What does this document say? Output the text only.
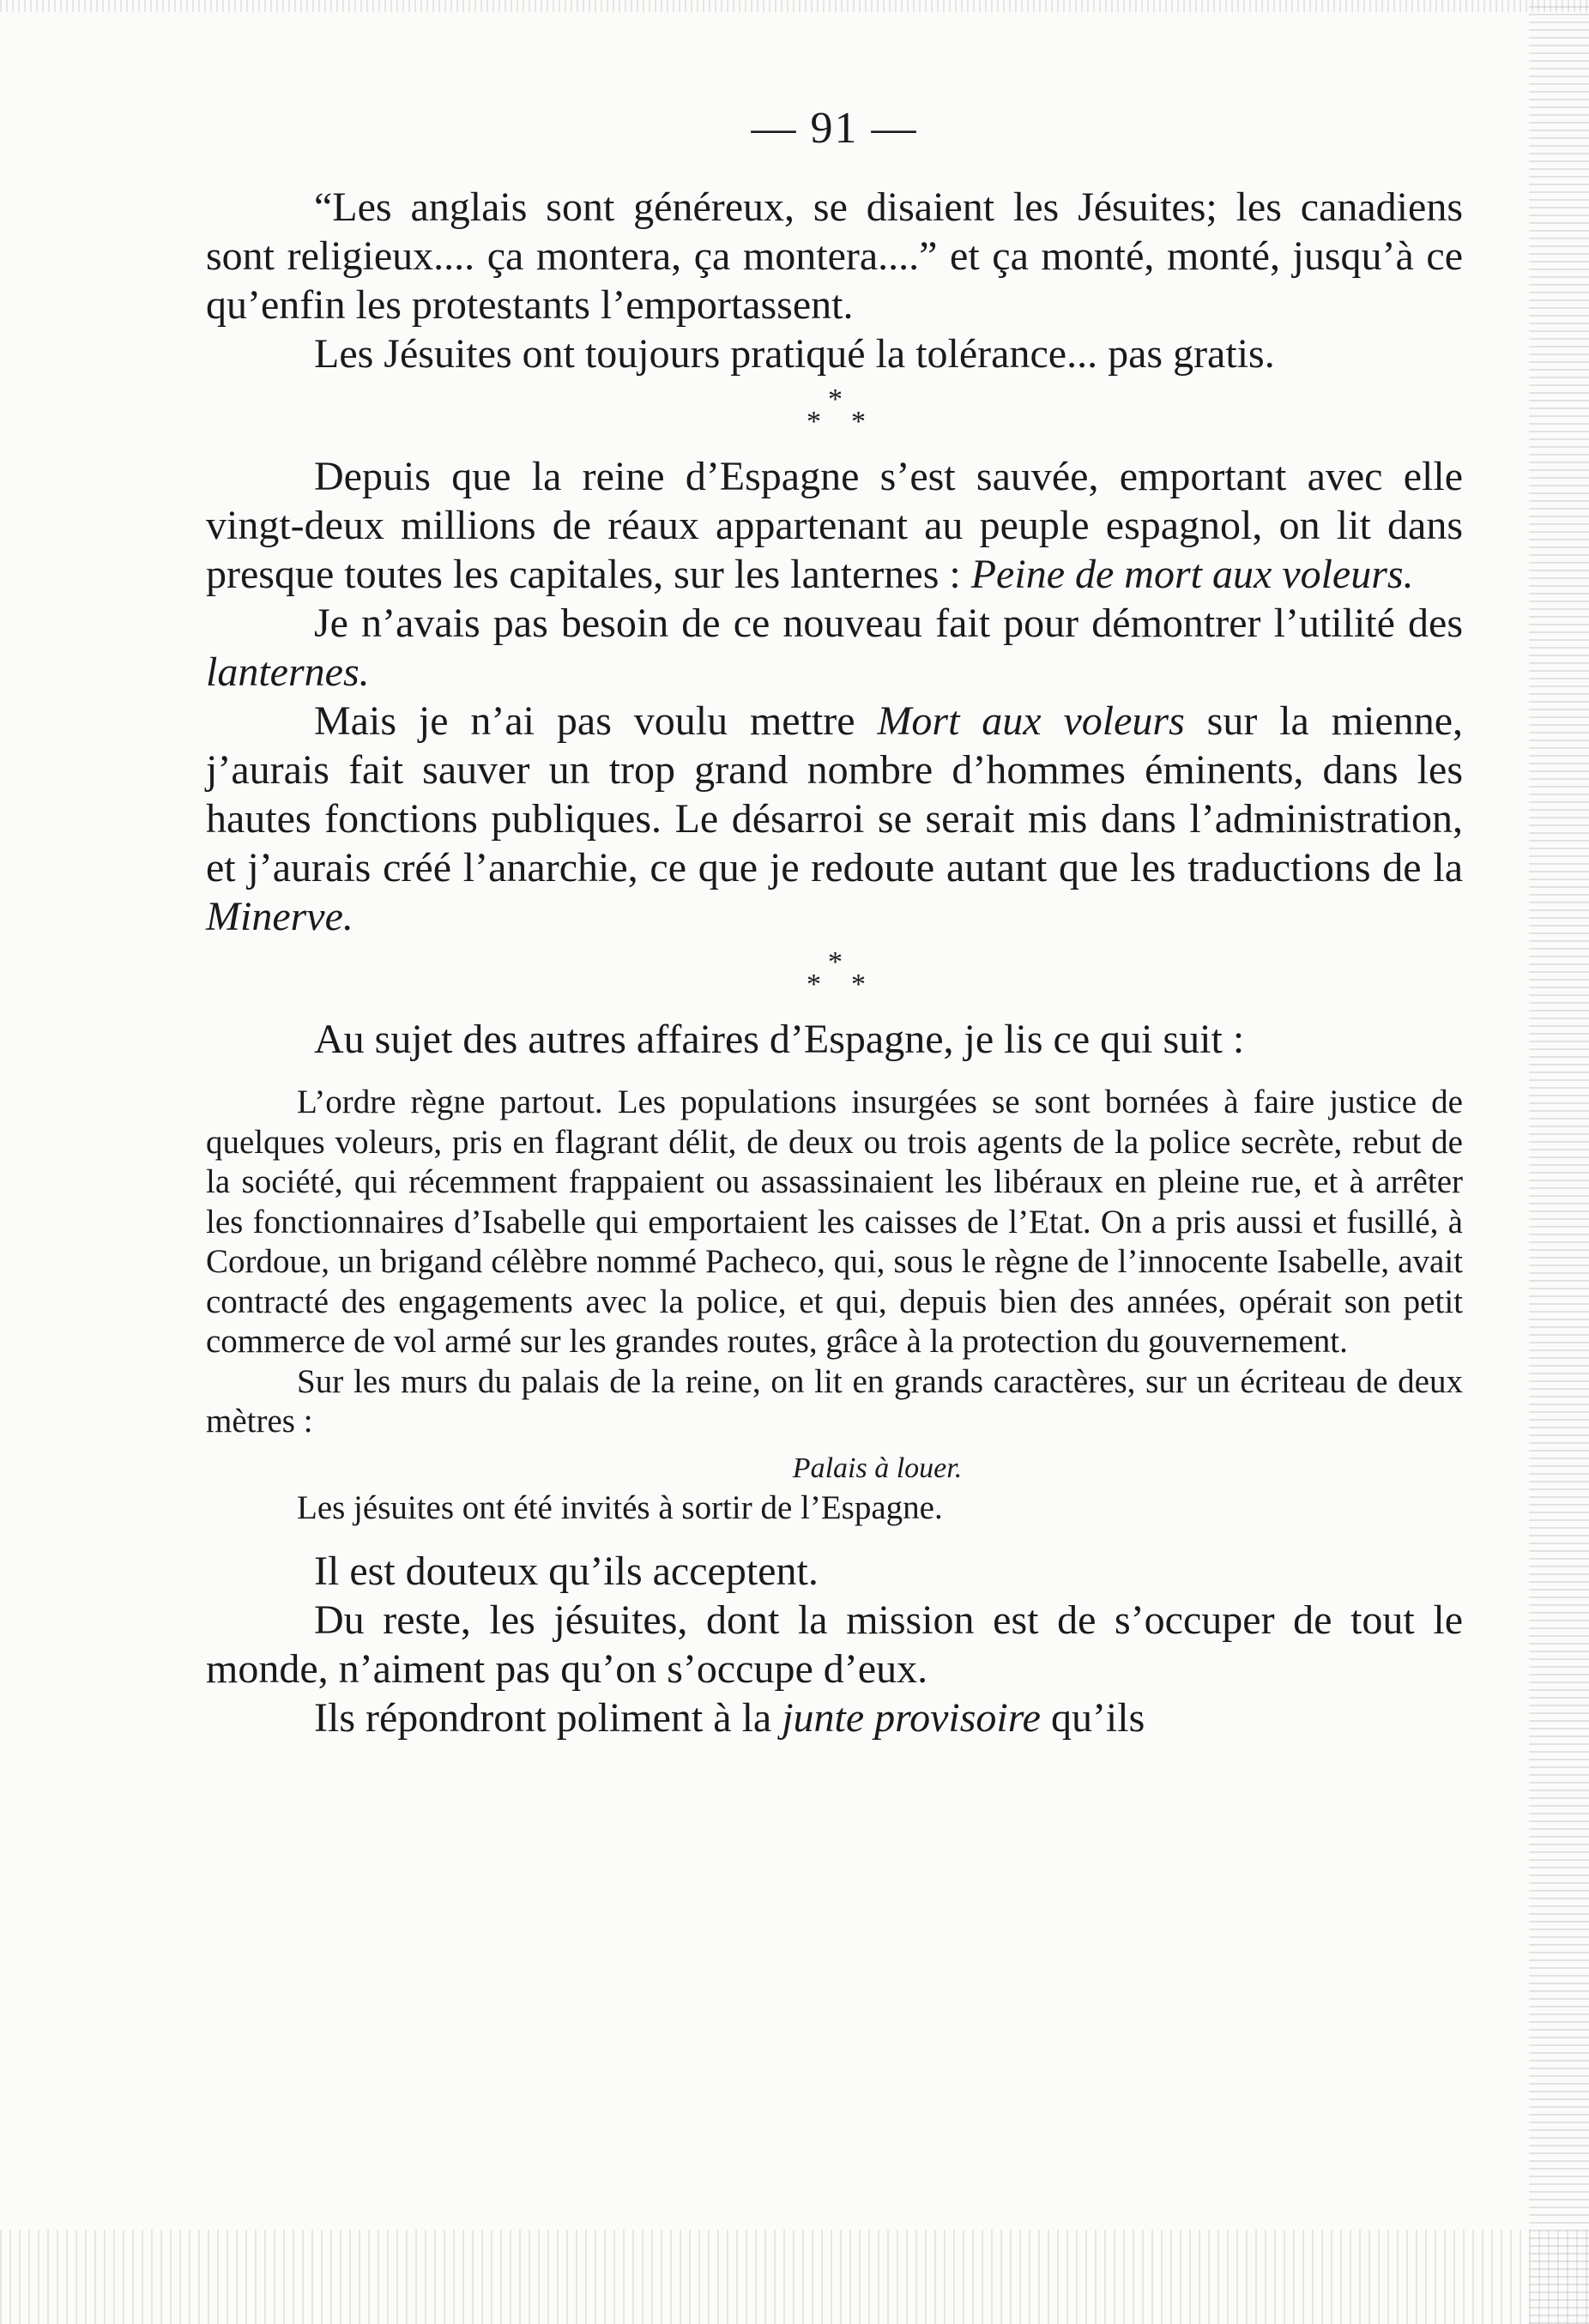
— 91 —

“Les anglais sont généreux, se disaient les Jésuites; les canadiens sont religieux.... ça montera, ça montera....” et ça monté, monté, jusqu’à ce qu’enfin les protestants l’emportassent.

Les Jésuites ont toujours pratiqué la tolérance... pas gratis.

*
* *

Depuis que la reine d’Espagne s’est sauvée, emportant avec elle vingt-deux millions de réaux appartenant au peuple espagnol, on lit dans presque toutes les capitales, sur les lanternes : Peine de mort aux voleurs.

Je n’avais pas besoin de ce nouveau fait pour démontrer l’utilité des lanternes.

Mais je n’ai pas voulu mettre Mort aux voleurs sur la mienne, j’aurais fait sauver un trop grand nombre d’hommes éminents, dans les hautes fonctions publiques. Le désarroi se serait mis dans l’administration, et j’aurais créé l’anarchie, ce que je redoute autant que les traductions de la Minerve.

*
* *

Au sujet des autres affaires d’Espagne, je lis ce qui suit :

L’ordre règne partout. Les populations insurgées se sont bornées à faire justice de quelques voleurs, pris en flagrant délit, de deux ou trois agents de la police secrète, rebut de la société, qui récemment frappaient ou assassinaient les libéraux en pleine rue, et à arrêter les fonctionnaires d’Isabelle qui emportaient les caisses de l’Etat. On a pris aussi et fusillé, à Cordoue, un brigand célèbre nommé Pacheco, qui, sous le règne de l’innocente Isabelle, avait contracté des engagements avec la police, et qui, depuis bien des années, opérait son petit commerce de vol armé sur les grandes routes, grâce à la protection du gouvernement.

Sur les murs du palais de la reine, on lit en grands caractères, sur un écriteau de deux mètres :

Palais à louer.

Les jésuites ont été invités à sortir de l’Espagne.

Il est douteux qu’ils acceptent.

Du reste, les jésuites, dont la mission est de s’occuper de tout le monde, n’aiment pas qu’on s’occupe d’eux.

Ils répondront poliment à la junte provisoire qu’ils
